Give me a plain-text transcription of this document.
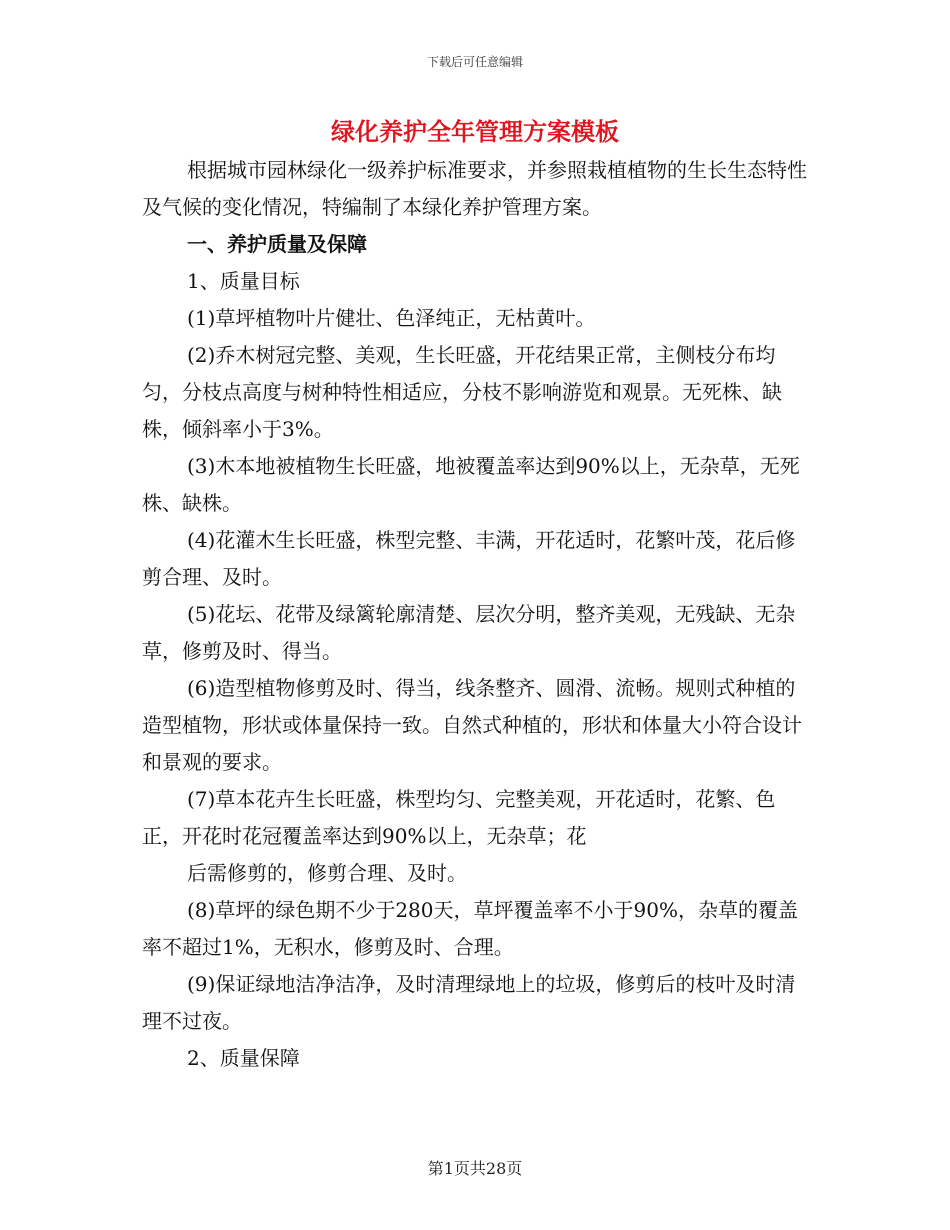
下载后可任意编辑
绿化养护全年管理方案模板

根据城市园林绿化一级养护标准要求，并参照栽植植物的生长生态特性及气候的变化情况，特编制了本绿化养护管理方案。

一、养护质量及保障

1、质量目标

(1)草坪植物叶片健壮、色泽纯正，无枯黄叶。

(2)乔木树冠完整、美观，生长旺盛，开花结果正常，主侧枝分布均匀，分枝点高度与树种特性相适应，分枝不影响游览和观景。无死株、缺株，倾斜率小于3%。

(3)木本地被植物生长旺盛，地被覆盖率达到90%以上，无杂草，无死株、缺株。

(4)花灌木生长旺盛，株型完整、丰满，开花适时，花繁叶茂，花后修剪合理、及时。

(5)花坛、花带及绿篱轮廓清楚、层次分明，整齐美观，无残缺、无杂草，修剪及时、得当。

(6)造型植物修剪及时、得当，线条整齐、圆滑、流畅。规则式种植的造型植物，形状或体量保持一致。自然式种植的，形状和体量大小符合设计和景观的要求。

(7)草本花卉生长旺盛，株型均匀、完整美观，开花适时，花繁、色正，开花时花冠覆盖率达到90%以上，无杂草；花

后需修剪的，修剪合理、及时。

(8)草坪的绿色期不少于280天，草坪覆盖率不小于90%，杂草的覆盖率不超过1%，无积水，修剪及时、合理。

(9)保证绿地洁净洁净，及时清理绿地上的垃圾，修剪后的枝叶及时清理不过夜。

2、质量保障

第1页共28页
